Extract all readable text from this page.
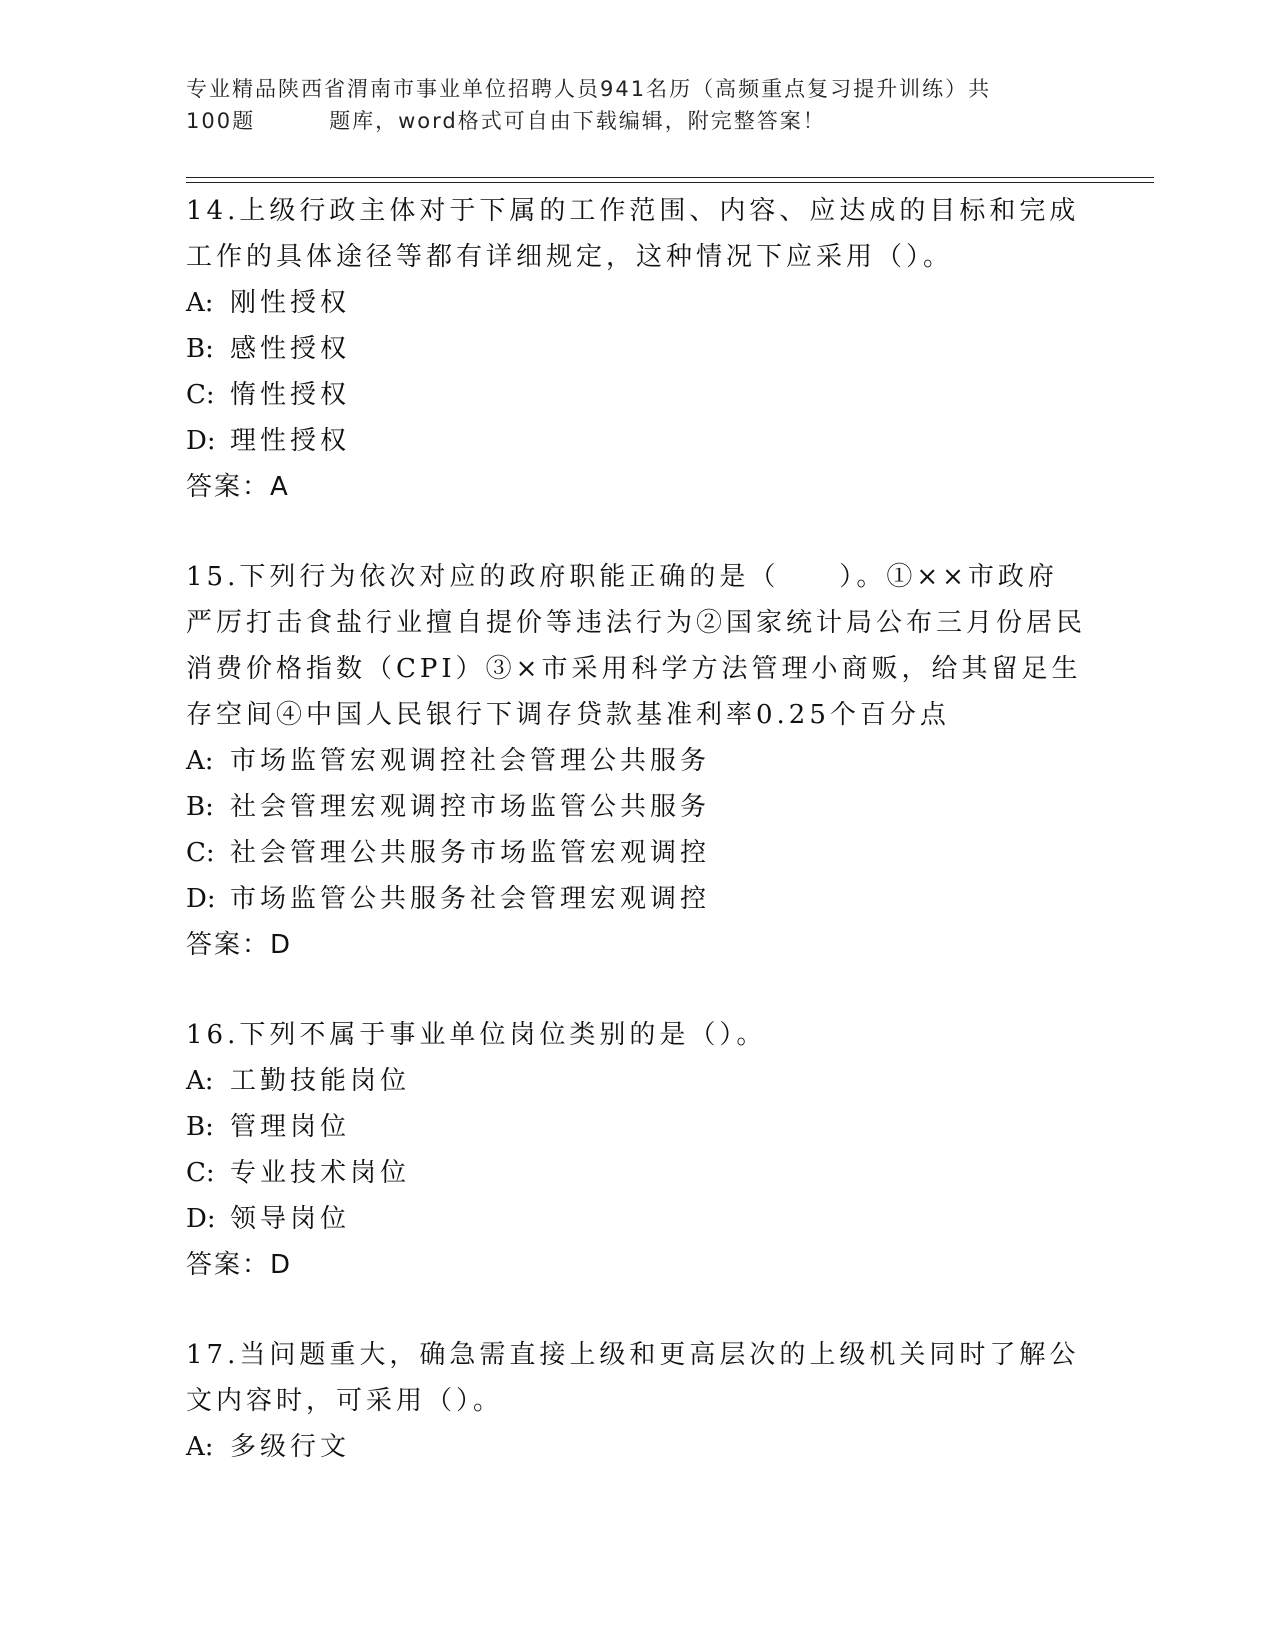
专业精品陕西省渭南市事业单位招聘人员941名历（高频重点复习提升训练）共
100题	题库，word格式可自由下载编辑，附完整答案！

14.上级行政主体对于下属的工作范围、内容、应达成的目标和完成工作的具体途径等都有详细规定，这种情况下应采用（）。

A: 刚性授权

B: 感性授权

C: 惰性授权

D: 理性授权

答案：A

15.下列行为依次对应的政府职能正确的是（　　）。①××市政府严厉打击食盐行业擅自提价等违法行为②国家统计局公布三月份居民消费价格指数（CPI）③×市采用科学方法管理小商贩，给其留足生存空间④中国人民银行下调存贷款基准利率0.25个百分点

A: 市场监管宏观调控社会管理公共服务

B: 社会管理宏观调控市场监管公共服务

C: 社会管理公共服务市场监管宏观调控

D: 市场监管公共服务社会管理宏观调控

答案：D

16.下列不属于事业单位岗位类别的是（）。

A: 工勤技能岗位

B: 管理岗位

C: 专业技术岗位

D: 领导岗位

答案：D

17.当问题重大，确急需直接上级和更高层次的上级机关同时了解公文内容时，可采用（）。

A: 多级行文
